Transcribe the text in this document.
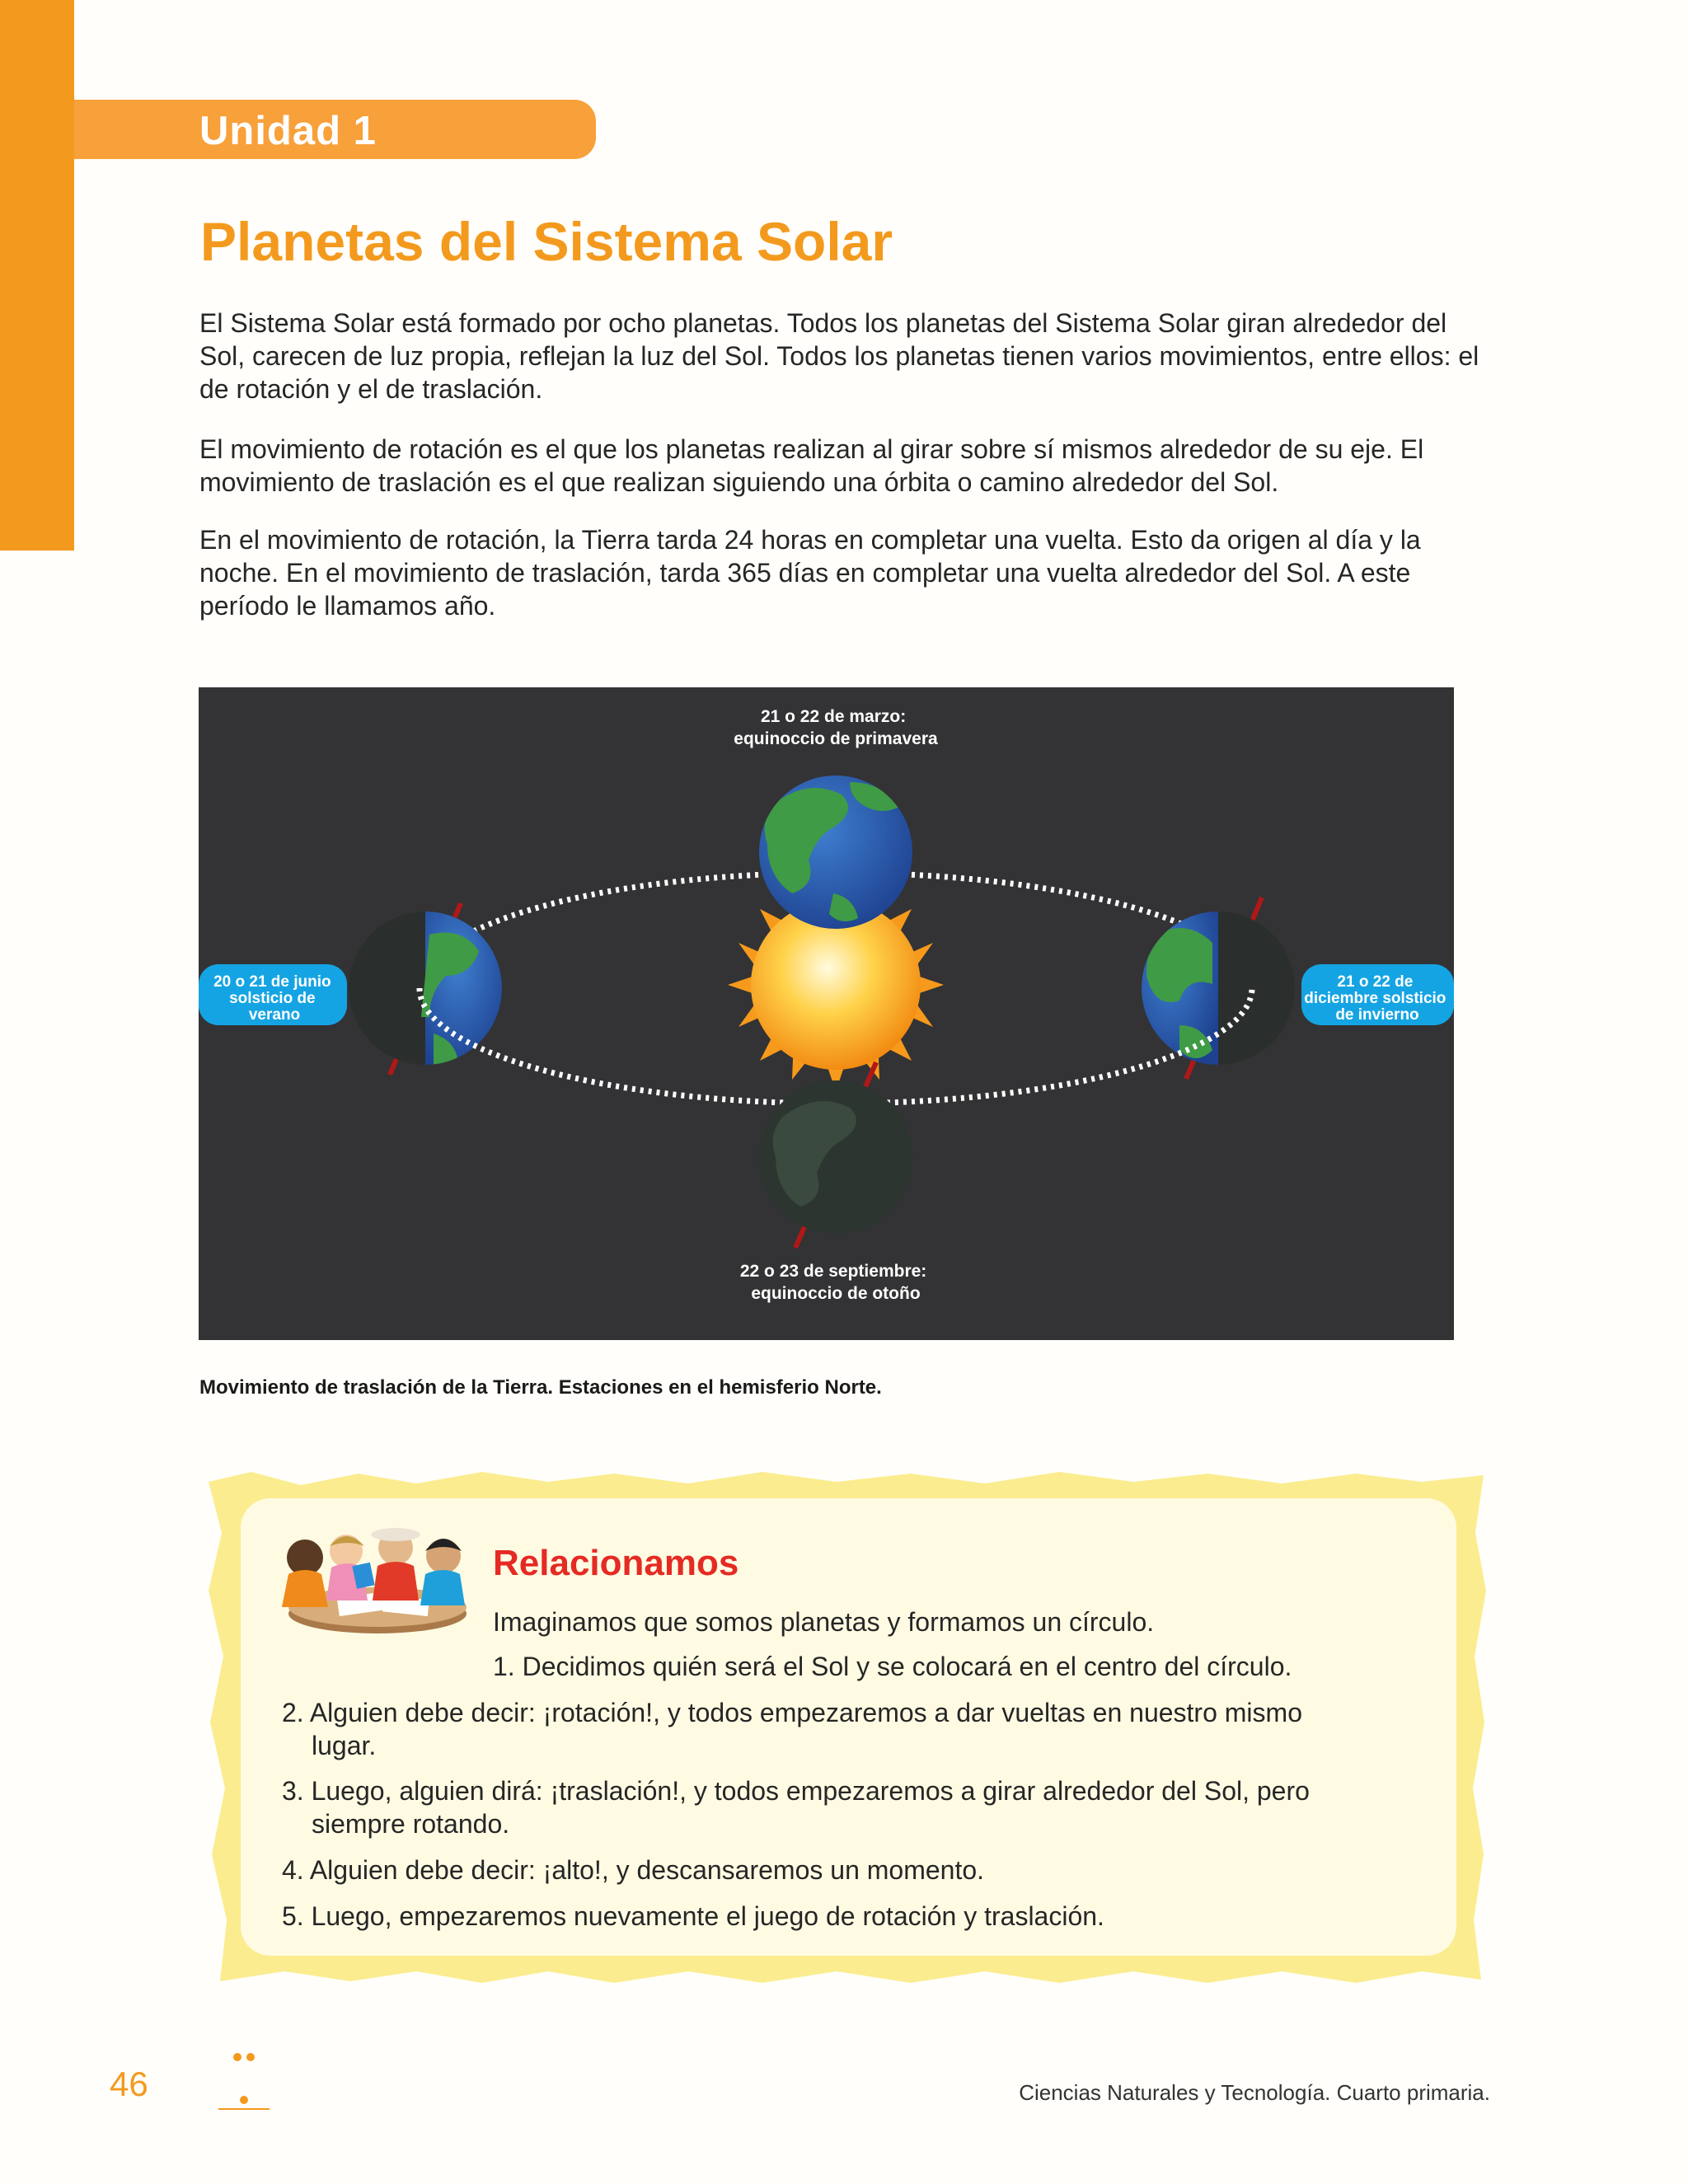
Unidad 1
Planetas del Sistema Solar

El Sistema Solar está formado por ocho planetas. Todos los planetas del Sistema Solar giran alrededor del Sol, carecen de luz propia, reflejan la luz del Sol. Todos los planetas tienen varios movimientos, entre ellos: el de rotación y el de traslación.

El movimiento de rotación es el que los planetas realizan al girar sobre sí mismos alrededor de su eje. El movimiento de traslación es el que realizan siguiendo una órbita o camino alrededor del Sol.

En el movimiento de rotación, la Tierra tarda 24 horas en completar una vuelta. Esto da origen al día y la noche. En el movimiento de traslación, tarda 365 días en completar una vuelta alrededor del Sol. A este período le llamamos año.

21 o 22 de marzo: equinoccio de primavera
22 o 23 de septiembre: equinoccio de otoño
20 o 21 de junio solsticio de verano
21 o 22 de diciembre solsticio de invierno

Movimiento de traslación de la Tierra. Estaciones en el hemisferio Norte.

Relacionamos

Imaginamos que somos planetas y formamos un círculo.

1. Decidimos quién será el Sol y se colocará en el centro del círculo.

2. Alguien debe decir: ¡rotación!, y todos empezaremos a dar vueltas en nuestro mismo

lugar.

3. Luego, alguien dirá: ¡traslación!, y todos empezaremos a girar alrededor del Sol, pero

siempre rotando.

4. Alguien debe decir: ¡alto!, y descansaremos un momento.

5. Luego, empezaremos nuevamente el juego de rotación y traslación.

46	Ciencias Naturales y Tecnología. Cuarto primaria.
